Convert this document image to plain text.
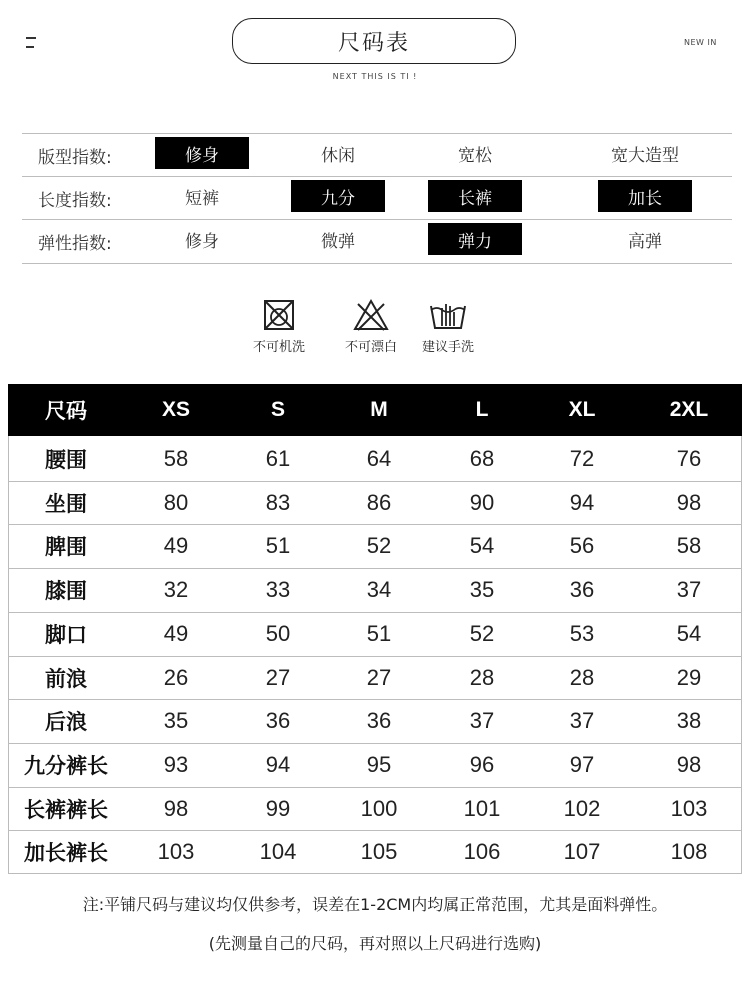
尺码表
NEXT THIS IS TI !
NEW IN
版型指数:	修身	休闲	宽松	宽大造型
长度指数:	短裤	九分	长裤	加长
弹性指数:	修身	微弹	弹力	高弹
不可机洗	不可漂白	建议手洗
尺码	XS	S	M	L	XL	2XL
腰围	58	61	64	68	72	76
坐围	80	83	86	90	94	98
脾围	49	51	52	54	56	58
膝围	32	33	34	35	36	37
脚口	49	50	51	52	53	54
前浪	26	27	27	28	28	29
后浪	35	36	36	37	37	38
九分裤长	93	94	95	96	97	98
长裤裤长	98	99	100	101	102	103
加长裤长	103	104	105	106	107	108
注:平铺尺码与建议均仅供参考，误差在1-2CM内均属正常范围，尤其是面料弹性。
(先测量自己的尺码，再对照以上尺码进行选购)
